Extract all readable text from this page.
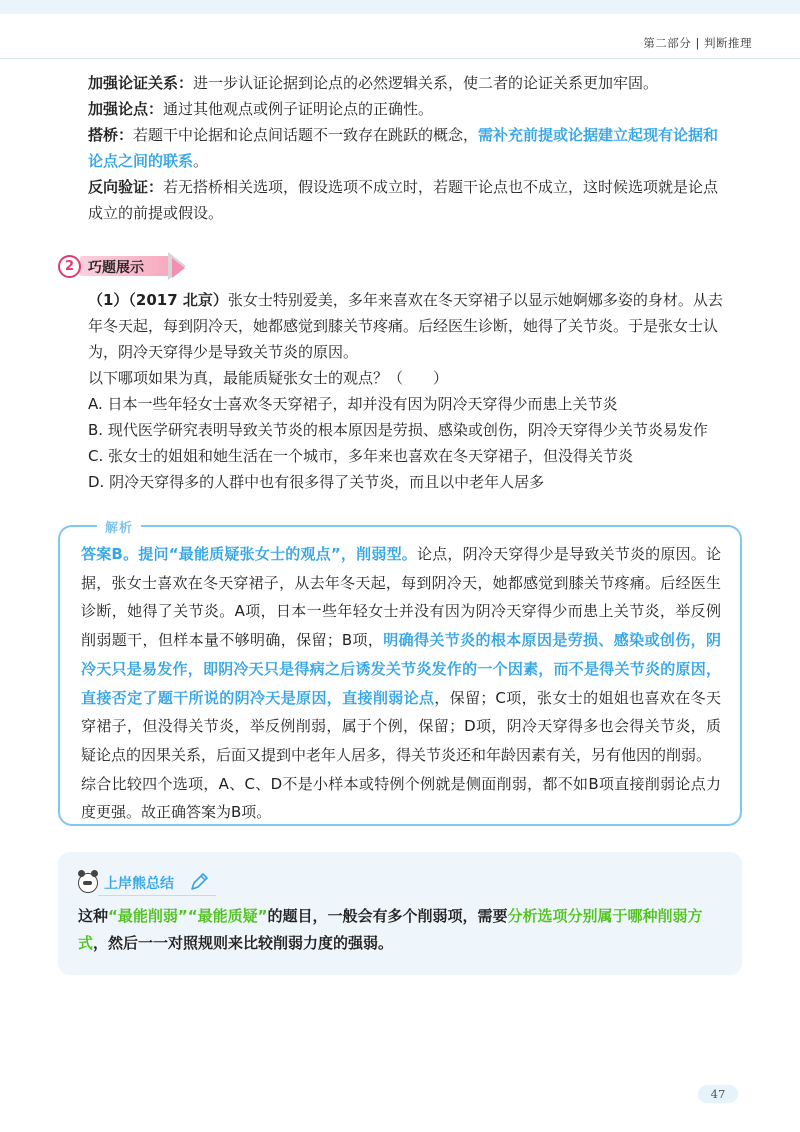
第二部分 | 判断推理

加强论证关系：进一步认证论据到论点的必然逻辑关系，使二者的论证关系更加牢固。

加强论点：通过其他观点或例子证明论点的正确性。

搭桥：若题干中论据和论点间话题不一致存在跳跃的概念，需补充前提或论据建立起现有论据和论点之间的联系。

反向验证：若无搭桥相关选项，假设选项不成立时，若题干论点也不成立，这时候选项就是论点成立的前提或假设。

2 巧题展示

（1）（2017 北京）张女士特别爱美，多年来喜欢在冬天穿裙子以显示她婀娜多姿的身材。从去年冬天起，每到阴冷天，她都感觉到膝关节疼痛。后经医生诊断，她得了关节炎。于是张女士认为，阴冷天穿得少是导致关节炎的原因。

以下哪项如果为真，最能质疑张女士的观点？（　　）

A. 日本一些年轻女士喜欢冬天穿裙子，却并没有因为阴冷天穿得少而患上关节炎

B. 现代医学研究表明导致关节炎的根本原因是劳损、感染或创伤，阴冷天穿得少关节炎易发作

C. 张女士的姐姐和她生活在一个城市，多年来也喜欢在冬天穿裙子，但没得关节炎

D. 阴冷天穿得多的人群中也有很多得了关节炎，而且以中老年人居多

解析

答案B。提问“最能质疑张女士的观点”，削弱型。论点，阴冷天穿得少是导致关节炎的原因。论据，张女士喜欢在冬天穿裙子，从去年冬天起，每到阴冷天，她都感觉到膝关节疼痛。后经医生诊断，她得了关节炎。A项，日本一些年轻女士并没有因为阴冷天穿得少而患上关节炎，举反例削弱题干，但样本量不够明确，保留；B项，明确得关节炎的根本原因是劳损、感染或创伤，阴冷天只是易发作，即阴冷天只是得病之后诱发关节炎发作的一个因素，而不是得关节炎的原因，直接否定了题干所说的阴冷天是原因，直接削弱论点，保留；C项，张女士的姐姐也喜欢在冬天穿裙子，但没得关节炎，举反例削弱，属于个例，保留；D项，阴冷天穿得多也会得关节炎，质疑论点的因果关系，后面又提到中老年人居多，得关节炎还和年龄因素有关，另有他因的削弱。

综合比较四个选项，A、C、D不是小样本或特例个例就是侧面削弱，都不如B项直接削弱论点力度更强。故正确答案为B项。

上岸熊总结

这种“最能削弱”“最能质疑”的题目，一般会有多个削弱项，需要分析选项分别属于哪种削弱方式，然后一一对照规则来比较削弱力度的强弱。

47
